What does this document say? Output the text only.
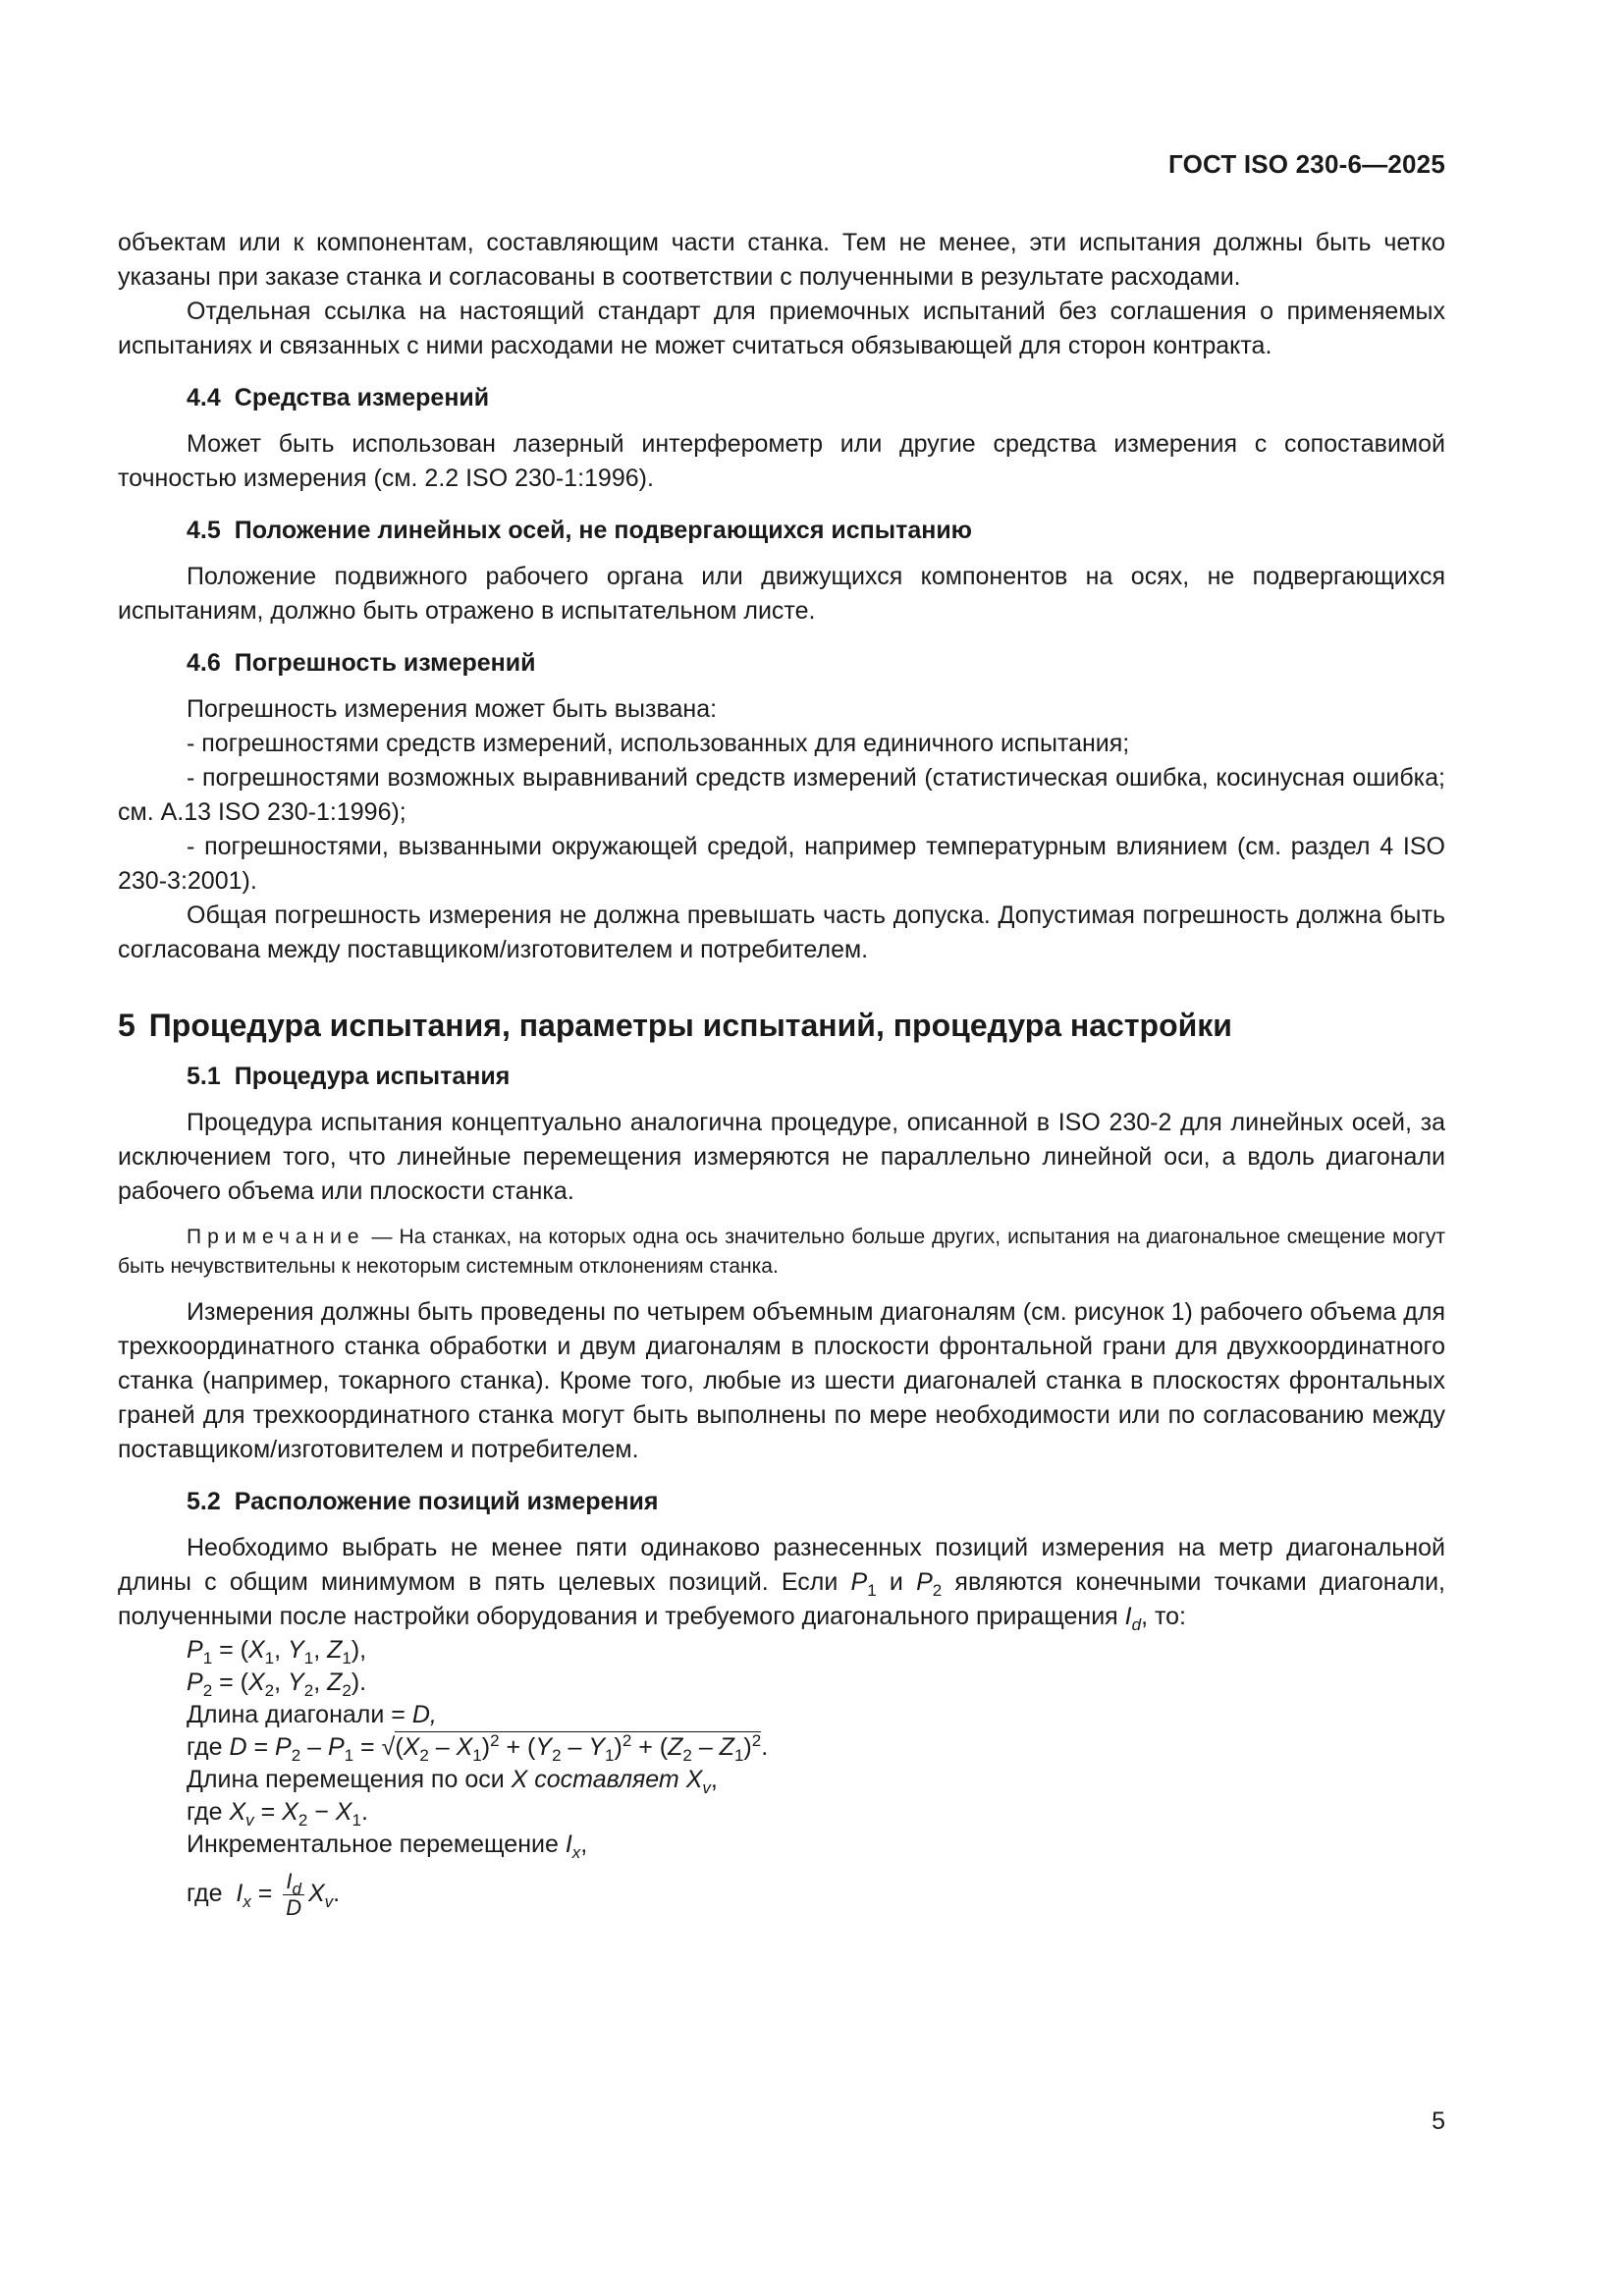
ГОСТ ISO 230-6—2025

объектам или к компонентам, составляющим части станка. Тем не менее, эти испытания должны быть четко указаны при заказе станка и согласованы в соответствии с полученными в результате расходами.

Отдельная ссылка на настоящий стандарт для приемочных испытаний без соглашения о применяемых испытаниях и связанных с ними расходами не может считаться обязывающей для сторон контракта.

4.4 Средства измерений

Может быть использован лазерный интерферометр или другие средства измерения с сопоставимой точностью измерения (см. 2.2 ISO 230-1:1996).

4.5 Положение линейных осей, не подвергающихся испытанию

Положение подвижного рабочего органа или движущихся компонентов на осях, не подвергающихся испытаниям, должно быть отражено в испытательном листе.

4.6 Погрешность измерений

Погрешность измерения может быть вызвана:

- погрешностями средств измерений, использованных для единичного испытания;

- погрешностями возможных выравниваний средств измерений (статистическая ошибка, косинусная ошибка; см. А.13 ISO 230-1:1996);

- погрешностями, вызванными окружающей средой, например температурным влиянием (см. раздел 4 ISO 230-3:2001).

Общая погрешность измерения не должна превышать часть допуска. Допустимая погрешность должна быть согласована между поставщиком/изготовителем и потребителем.

5 Процедура испытания, параметры испытаний, процедура настройки
5.1 Процедура испытания

Процедура испытания концептуально аналогична процедуре, описанной в ISO 230-2 для линейных осей, за исключением того, что линейные перемещения измеряются не параллельно линейной оси, а вдоль диагонали рабочего объема или плоскости станка.

Примечание — На станках, на которых одна ось значительно больше других, испытания на диагональное смещение могут быть нечувствительны к некоторым системным отклонениям станка.

Измерения должны быть проведены по четырем объемным диагоналям (см. рисунок 1) рабочего объема для трехкоординатного станка обработки и двум диагоналям в плоскости фронтальной грани для двухкоординатного станка (например, токарного станка). Кроме того, любые из шести диагоналей станка в плоскостях фронтальных граней для трехкоординатного станка могут быть выполнены по мере необходимости или по согласованию между поставщиком/изготовителем и потребителем.

5.2 Расположение позиций измерения

Необходимо выбрать не менее пяти одинаково разнесенных позиций измерения на метр диагональной длины с общим минимумом в пять целевых позиций. Если $P_1$ и $P_2$ являются конечными точками диагонали, полученными после настройки оборудования и требуемого диагонального приращения $I_d$, то:

$P_1 = (X_1$, $Y_1$, $Z_1$),
$P_2 = (X_2$, $Y_2$, $Z_2$).
Длина диагонали = D,
где $D = P_2 - P_1 = √(X_2 - X_1)^2 + (Y_2 - Y_1)^2 + (Z_2 - Z_1)^2$.
Длина перемещения по оси X составляет $X_v$,
где $X_v = X_2 - X_1$.
Инкрементальное перемещение $I_x$,
где  $I_x = \frac{I_d}{D} X_v$.
5
